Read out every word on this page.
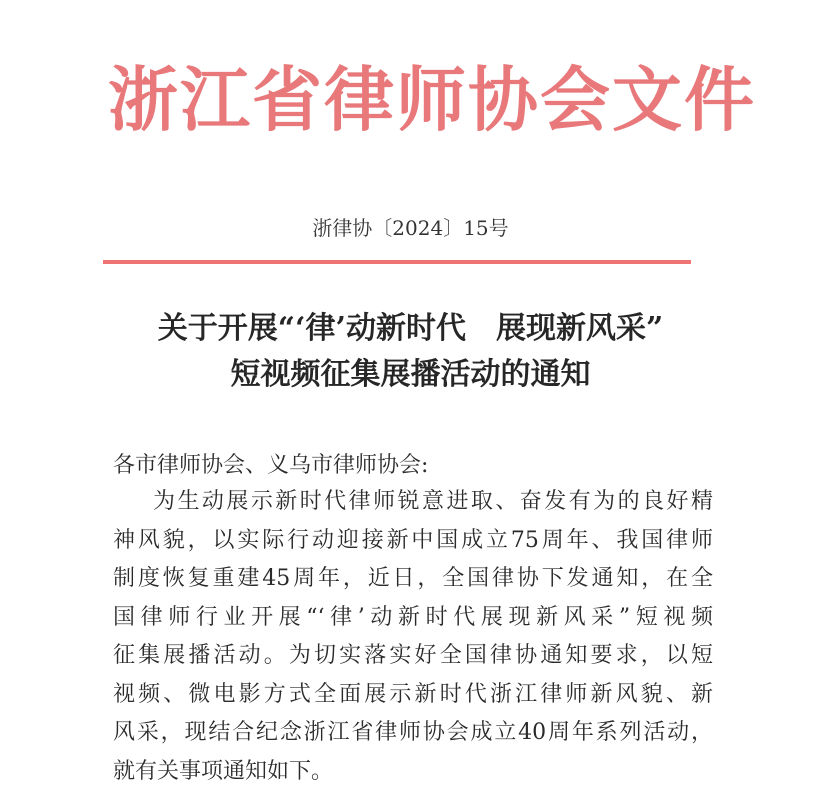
浙江省律师协会文件
浙律协〔2024〕15号
关于开展“‘律’动新时代　展现新风采”
短视频征集展播活动的通知
各市律师协会、义乌市律师协会:
为生动展示新时代律师锐意进取、奋发有为的良好精
神风貌，以实际行动迎接新中国成立75周年、我国律师
制度恢复重建45周年，近日，全国律协下发通知，在全
国律师行业开展“‘律’动新时代展现新风采”短视频
征集展播活动。为切实落实好全国律协通知要求，以短
视频、微电影方式全面展示新时代浙江律师新风貌、新
风采，现结合纪念浙江省律师协会成立40周年系列活动，
就有关事项通知如下。
